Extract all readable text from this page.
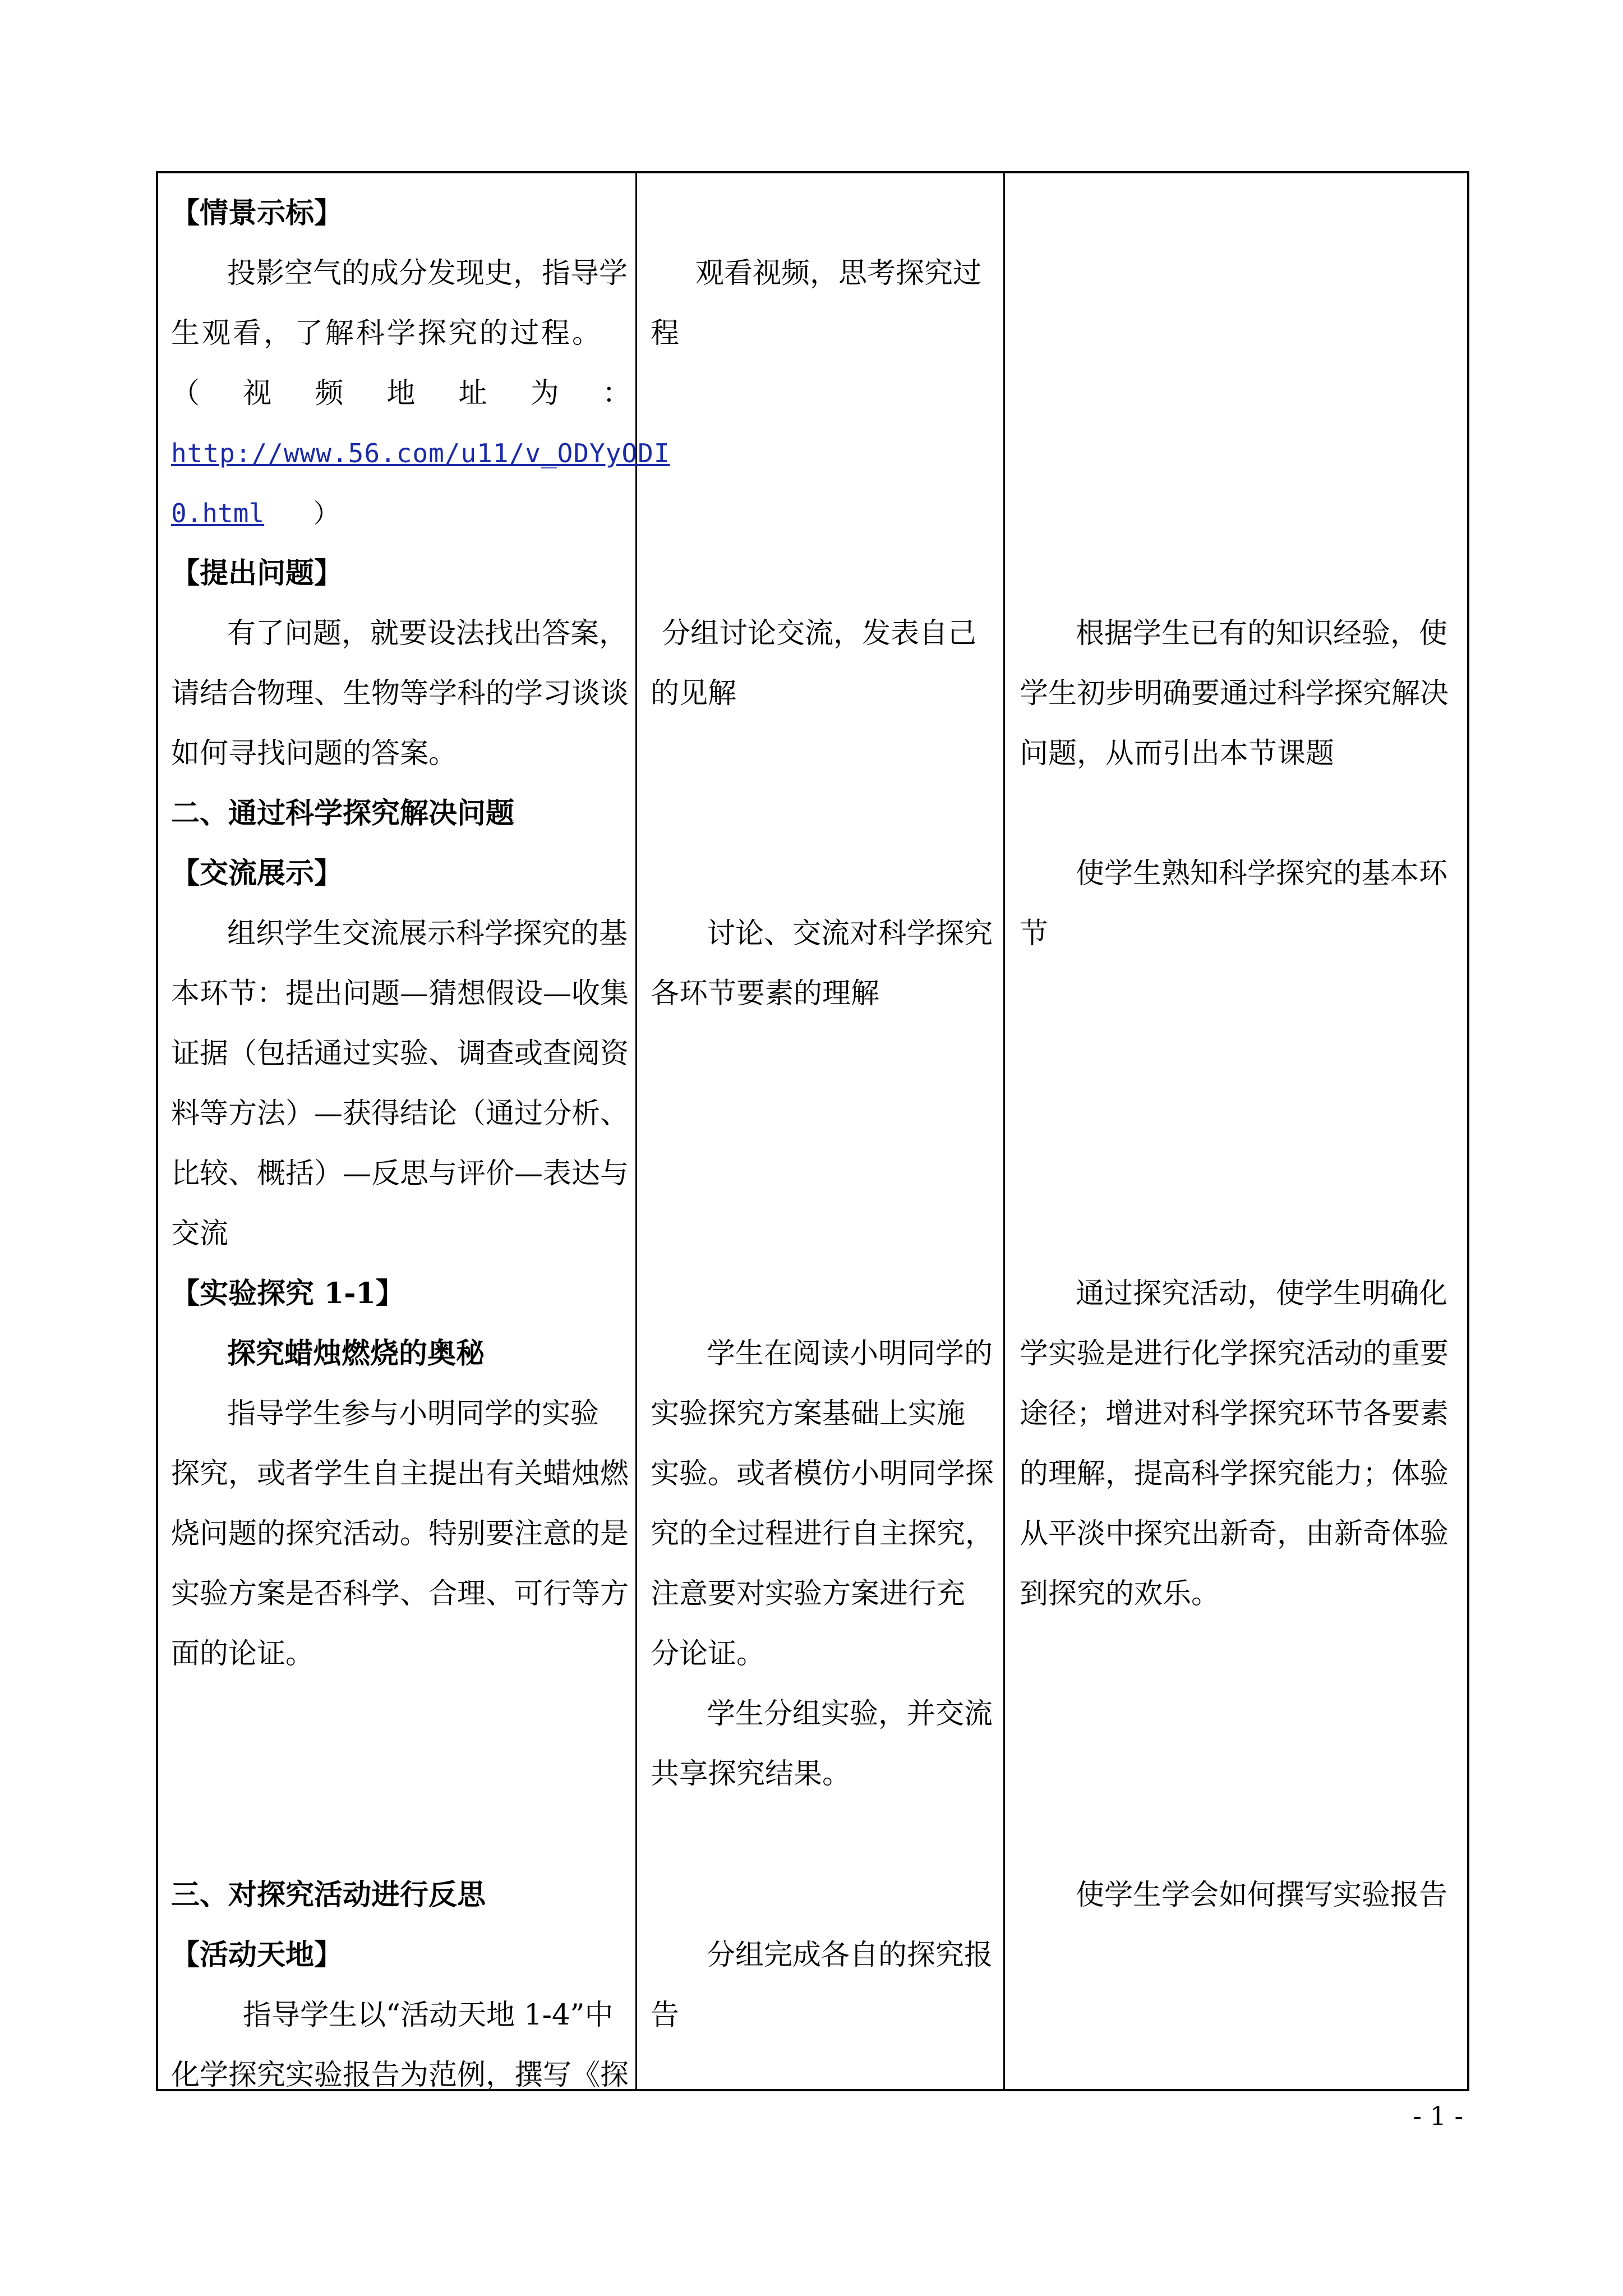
【情景示标】
投影空气的成分发现史，指导学
生观看，了解科学探究的过程。
（ 视 频 地 址 为 ：
http://www.56.com/u11/v_ODYyODI
0.html ）
【提出问题】
有了问题，就要设法找出答案，
请结合物理、生物等学科的学习谈谈
如何寻找问题的答案。
二、通过科学探究解决问题
【交流展示】
组织学生交流展示科学探究的基
本环节：提出问题—猜想假设—收集
证据（包括通过实验、调查或查阅资
料等方法）—获得结论（通过分析、
比较、概括）—反思与评价—表达与
交流
【实验探究 1-1】
探究蜡烛燃烧的奥秘
指导学生参与小明同学的实验
探究，或者学生自主提出有关蜡烛燃
烧问题的探究活动。特别要注意的是
实验方案是否科学、合理、可行等方
面的论证。
三、对探究活动进行反思
【活动天地】
指导学生以“活动天地 1-4”中
化学探究实验报告为范例，撰写《探
观看视频，思考探究过
程
分组讨论交流，发表自己
的见解
讨论、交流对科学探究
各环节要素的理解
学生在阅读小明同学的
实验探究方案基础上实施
实验。或者模仿小明同学探
究的全过程进行自主探究，
注意要对实验方案进行充
分论证。
学生分组实验，并交流
共享探究结果。
分组完成各自的探究报
告
根据学生已有的知识经验，使
学生初步明确要通过科学探究解决
问题，从而引出本节课题
使学生熟知科学探究的基本环
节
通过探究活动，使学生明确化
学实验是进行化学探究活动的重要
途径；增进对科学探究环节各要素
的理解，提高科学探究能力；体验
从平淡中探究出新奇，由新奇体验
到探究的欢乐。
使学生学会如何撰写实验报告
- 1 -
